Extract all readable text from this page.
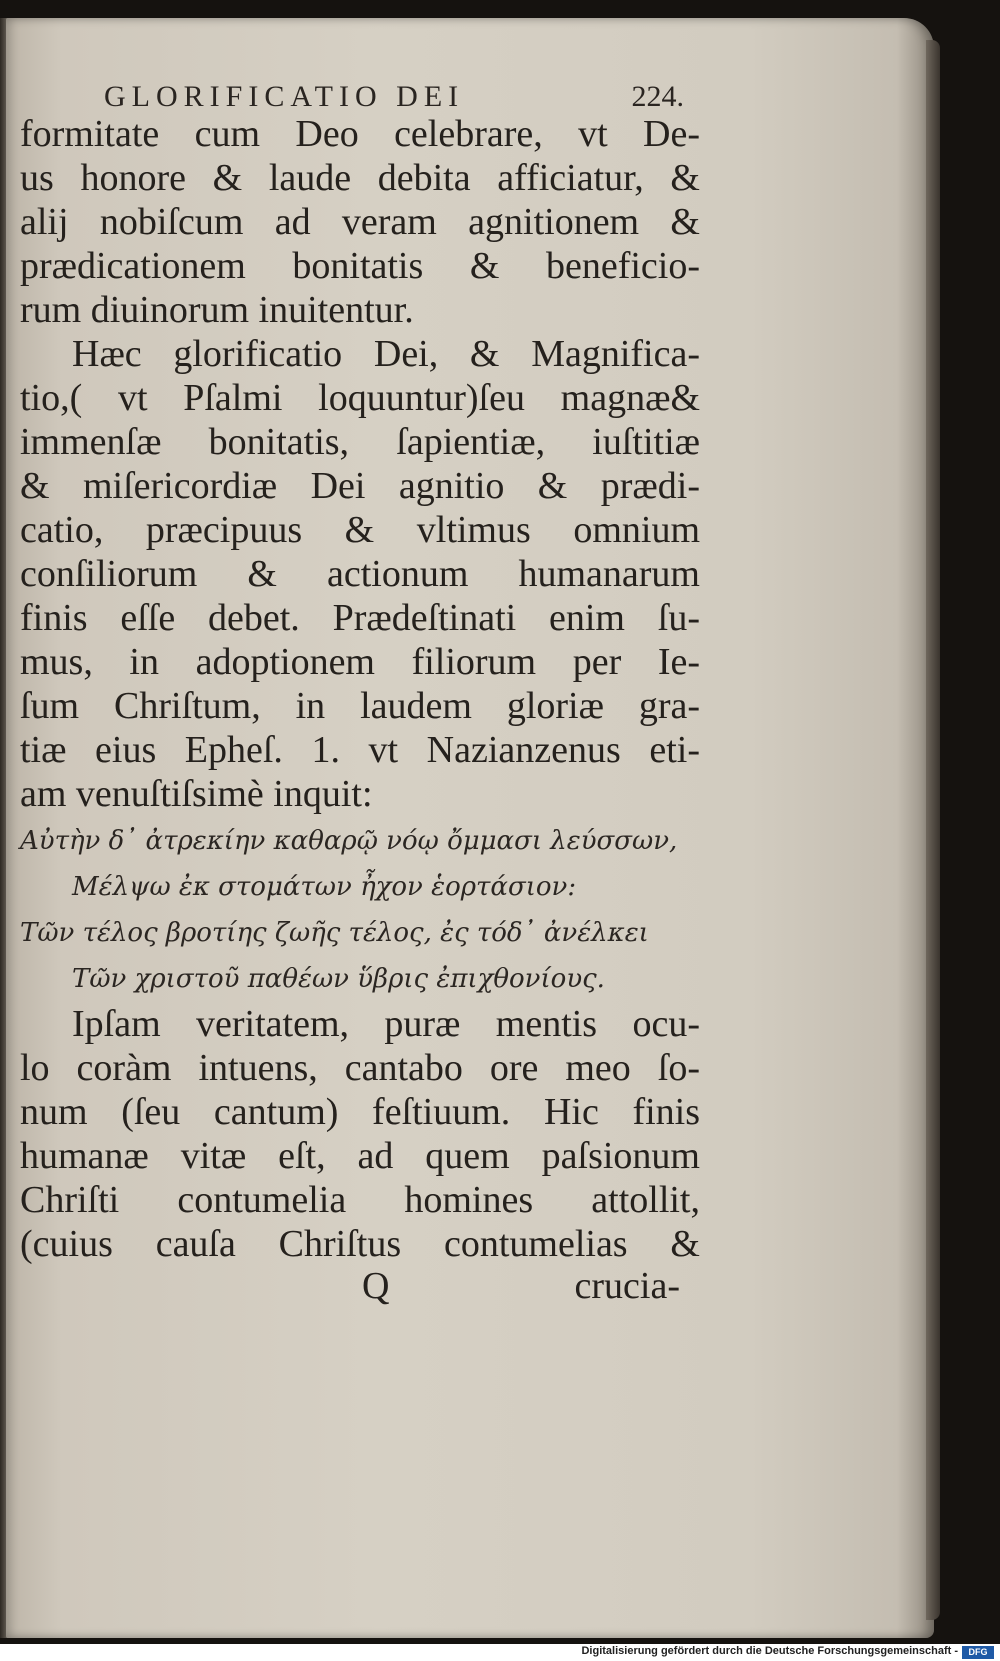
GLORIFICATIO DEI	224.
formitate cum Deo celebrare, vt De-
us honore & laude debita afficiatur, &
alij nobiſcum ad veram agnitionem &
prædicationem bonitatis & beneficio-
rum diuinorum inuitentur.
Hæc glorificatio Dei, & Magnifica-
tio,( vt Pſalmi loquuntur)ſeu magnæ&
immenſæ bonitatis, ſapientiæ, iuſtitiæ
& miſericordiæ Dei agnitio & prædi-
catio, præcipuus & vltimus omnium
conſiliorum & actionum humanarum
finis eſſe debet. Prædeſtinati enim ſu-
mus, in adoptionem filiorum per Ie-
ſum Chriſtum, in laudem gloriæ gra-
tiæ eius Epheſ. 1. vt Nazianzenus eti-
am venuſtiſsimè inquit:
Αὐτὴν δ᾽ ἀτρεκίην καθαρῷ νόῳ ὄμμασι λεύσσων,
Μέλψω ἐκ στομάτων ἦχον ἑορτάσιον:
Τῶν τέλος βροτίης ζωῆς τέλος, ἐς τόδ᾽ ἀνέλκει
Τῶν χριστοῦ παθέων ὕβρις ἐπιχθονίους.
Ipſam veritatem, puræ mentis ocu-
lo coràm intuens, cantabo ore meo ſo-
num (ſeu cantum) feſtiuum. Hic finis
humanæ vitæ eſt, ad quem paſsionum
Chriſti contumelia homines attollit,
(cuius cauſa Chriſtus contumelias &
Q	crucia-
Digitalisierung gefördert durch die Deutsche Forschungsgemeinschaft -	DFG
